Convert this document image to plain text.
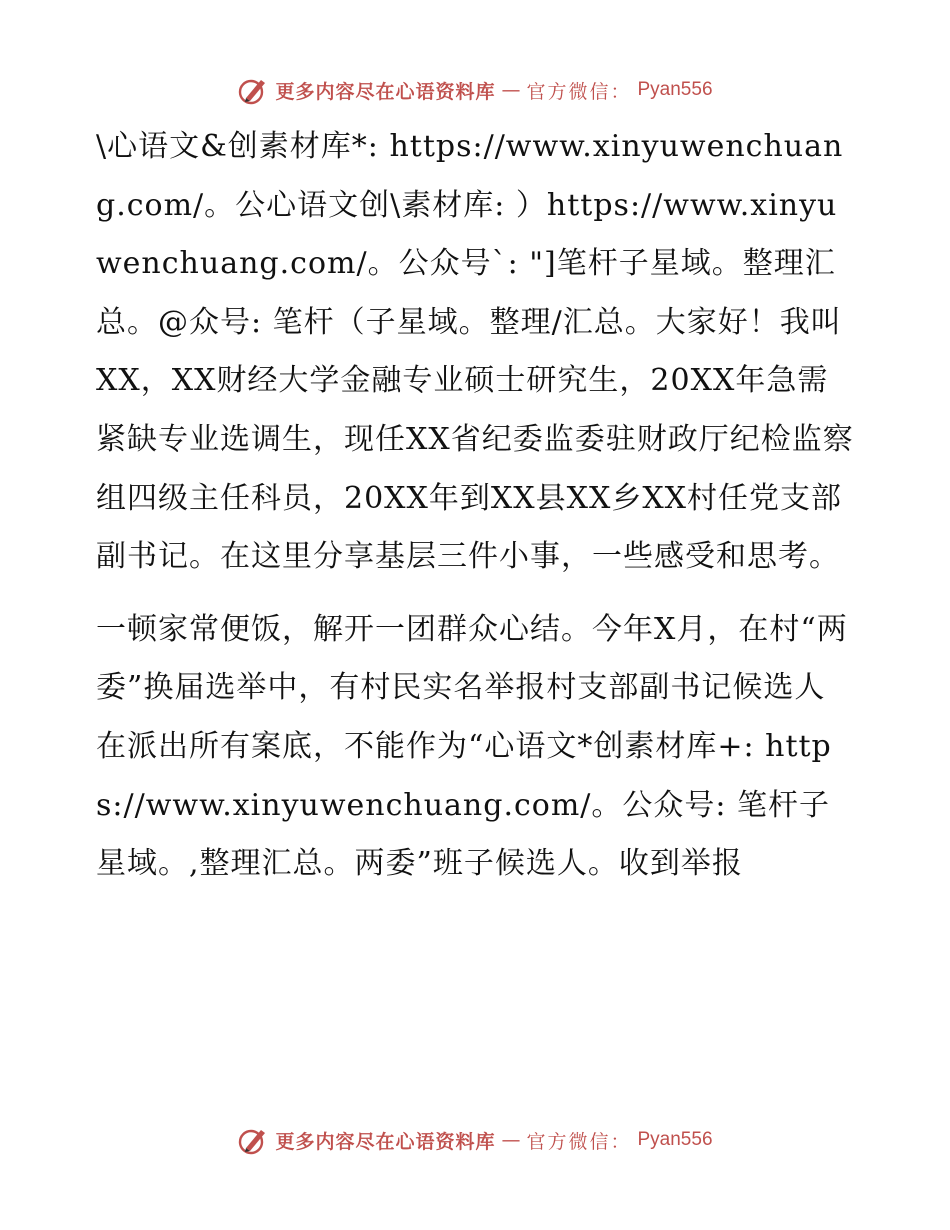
更多内容尽在心语资料库 — 官方微信： Pyan556

\心语文&创素材库*: https://www.xinyuwenchuang.com/。公心语文创\素材库: ）https://www.xinyuwenchuang.com/。公众号`: "]笔杆子星域。整理汇总。@众号: 笔杆（子星域。整理/汇总。大家好！我叫XX，XX财经大学金融专业硕士研究生，20XX年急需紧缺专业选调生，现任XX省纪委监委驻财政厅纪检监察组四级主任科员，20XX年到XX县XX乡XX村任党支部副书记。在这里分享基层三件小事，一些感受和思考。

一顿家常便饭，解开一团群众心结。今年X月，在村“两委”换届选举中，有村民实名举报村支部副书记候选人在派出所有案底，不能作为“心语文*创素材库+: https://www.xinyuwenchuang.com/。公众号: 笔杆子星域。,整理汇总。两委”班子候选人。收到举报

更多内容尽在心语资料库 — 官方微信： Pyan556
